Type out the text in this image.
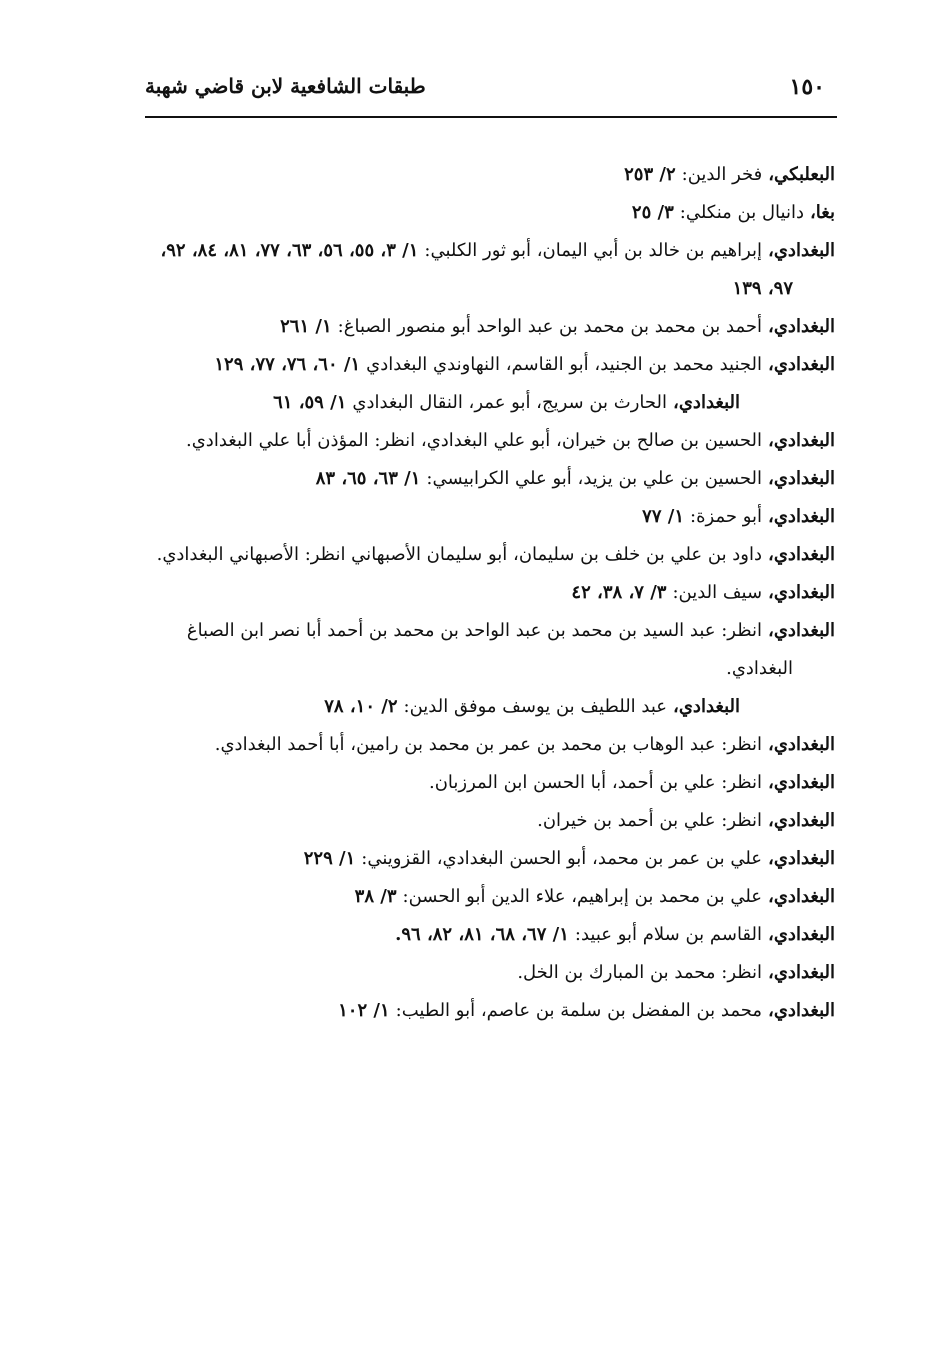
١٥٠
طبقات الشافعية لابن قاضي شهبة

البعلبكي،فخر الدين:٢/ ٢٥٣

بغا،دانيال بن منكلي:٣/ ٢٥

البغدادي،إبراهيم بن خالد بن أبي اليمان، أبو ثور الكلبي:١/ ٣، ٥٥، ٥٦، ٦٣، ٧٧، ٨١، ٨٤، ٩٢، ٩٧، ١٣٩

البغدادي،أحمد بن محمد بن محمد بن عبد الواحد أبو منصور الصباغ:١/ ٢٦١

البغدادي،الجنيد محمد بن الجنيد، أبو القاسم، النهاوندي البغدادي١/ ٦٠، ٧٦، ٧٧، ١٢٩

البغدادي،الحارث بن سريج، أبو عمر، النقال البغدادي١/ ٥٩، ٦١

البغدادي،الحسين بن صالح بن خيران، أبو علي البغدادي، انظر: المؤذن أبا علي البغدادي.

البغدادي،الحسين بن علي بن يزيد، أبو علي الكرابيسي:١/ ٦٣، ٦٥، ٨٣

البغدادي،أبو حمزة:١/ ٧٧

البغدادي،داود بن علي بن خلف بن سليمان، أبو سليمان الأصبهاني انظر: الأصبهاني البغدادي.

البغدادي،سيف الدين:٣/ ٧، ٣٨، ٤٢

البغدادي،انظر: عبد السيد بن محمد بن عبد الواحد بن محمد بن أحمد أبا نصر ابن الصباغ البغدادي.

البغدادي،عبد اللطيف بن يوسف موفق الدين:٢/ ١٠، ٧٨

البغدادي،انظر: عبد الوهاب بن محمد بن عمر بن محمد بن رامين، أبا أحمد البغدادي.

البغدادي،انظر: علي بن أحمد، أبا الحسن ابن المرزبان.

البغدادي،انظر: علي بن أحمد بن خيران.

البغدادي،علي بن عمر بن محمد، أبو الحسن البغدادي، القزويني:١/ ٢٢٩

البغدادي،علي بن محمد بن إبراهيم، علاء الدين أبو الحسن:٣/ ٣٨

البغدادي،القاسم بن سلام أبو عبيد:١/ ٦٧، ٦٨، ٨١، ٨٢، ٩٦.

البغدادي،انظر: محمد بن المبارك بن الخل.

البغدادي،محمد بن المفضل بن سلمة بن عاصم، أبو الطيب:١/ ١٠٢
